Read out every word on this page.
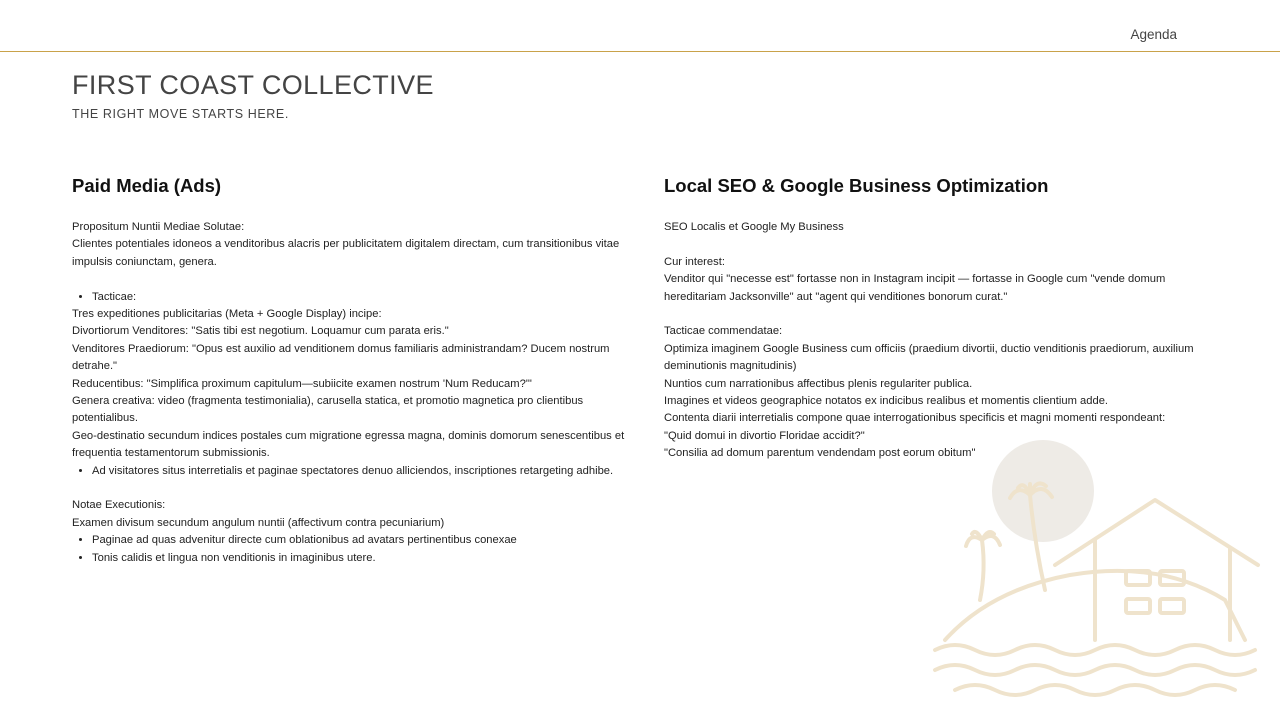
Agenda
FIRST COAST COLLECTIVE
THE RIGHT MOVE STARTS HERE.
Paid Media (Ads)
Propositum Nuntii Mediae Solutae:
Clientes potentiales idoneos a venditoribus alacris per publicitatem digitalem directam, cum transitionibus vitae impulsis coniunctam, genera.
• Tacticae:
Tres expeditiones publicitarias (Meta + Google Display) incipe:
Divortiorum Venditores: "Satis tibi est negotium. Loquamur cum parata eris."
Venditores Praediorum: "Opus est auxilio ad venditionem domus familiaris administrandam? Ducem nostrum detrahe."
Reducentibus: "Simplifica proximum capitulum—subiicite examen nostrum 'Num Reducam?'"
Genera creativa: video (fragmenta testimonialia), carusella statica, et promotio magnetica pro clientibus potentialibus.
Geo-destinatio secundum indices postales cum migratione egressa magna, dominis domorum senescentibus et frequentia testamentorum submissionis.
• Ad visitatores situs interretialis et paginae spectatores denuo alliciendos, inscriptiones retargeting adhibe.
Notae Executionis:
Examen divisum secundum angulum nuntii (affectivum contra pecuniarium)
• Paginae ad quas advenitur directe cum oblationibus ad avatars pertinentibus conexae
• Tonis calidis et lingua non venditionis in imaginibus utere.
Local SEO & Google Business Optimization
SEO Localis et Google My Business
Cur interest:
Venditor qui "necesse est" fortasse non in Instagram incipit — fortasse in Google cum "vende domum hereditariam Jacksonville" aut "agent qui venditiones bonorum curat."
Tacticae commendatae:
Optimiza imaginem Google Business cum officiis (praedium divortii, ductio venditionis praediorum, auxilium deminutionis magnitudinis)
Nuntios cum narrationibus affectibus plenis regulariter publica.
Imagines et videos geographice notatos ex indicibus realibus et momentis clientium adde.
Contenta diarii interretialis compone quae interrogationibus specificis et magni momenti respondeant:
"Quid domui in divortio Floridae accidit?"
"Consilia ad domum parentum vendendam post eorum obitum"
